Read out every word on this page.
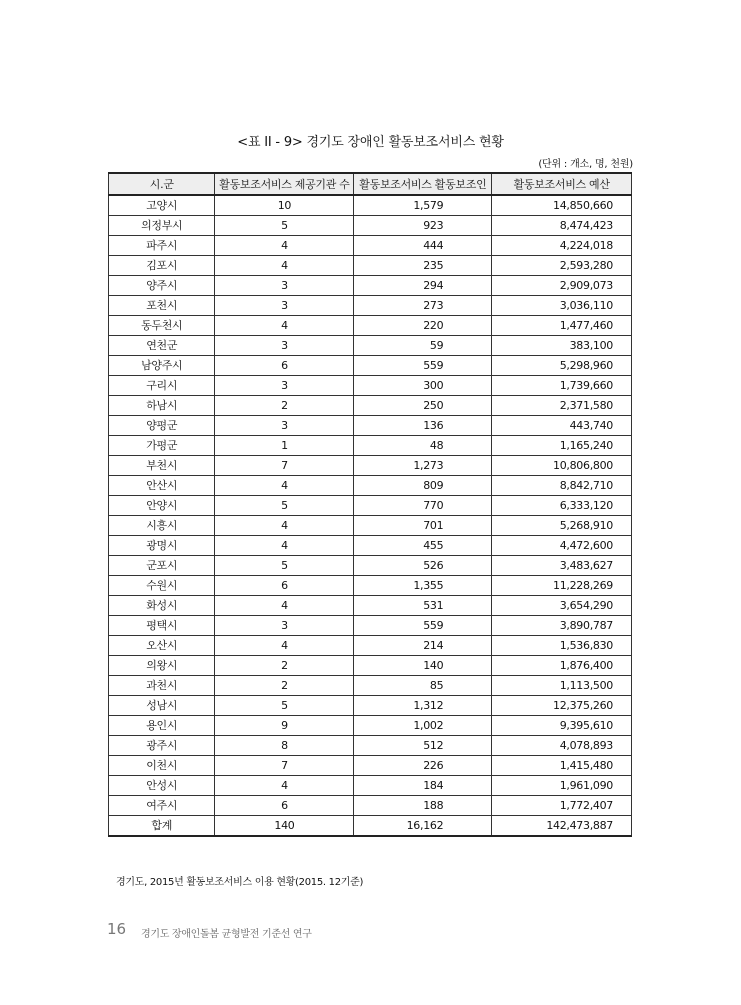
<표 II - 9> 경기도 장애인 활동보조서비스 현황
(단위 : 개소, 명, 천원)
시.군	활동보조서비스 제공기관 수	활동보조서비스 활동보조인	활동보조서비스 예산
고양시	10	1,579	14,850,660
의정부시	5	923	8,474,423
파주시	4	444	4,224,018
김포시	4	235	2,593,280
양주시	3	294	2,909,073
포천시	3	273	3,036,110
동두천시	4	220	1,477,460
연천군	3	59	383,100
남양주시	6	559	5,298,960
구리시	3	300	1,739,660
하남시	2	250	2,371,580
양평군	3	136	443,740
가평군	1	48	1,165,240
부천시	7	1,273	10,806,800
안산시	4	809	8,842,710
안양시	5	770	6,333,120
시흥시	4	701	5,268,910
광명시	4	455	4,472,600
군포시	5	526	3,483,627
수원시	6	1,355	11,228,269
화성시	4	531	3,654,290
평택시	3	559	3,890,787
오산시	4	214	1,536,830
의왕시	2	140	1,876,400
과천시	2	85	1,113,500
성남시	5	1,312	12,375,260
용인시	9	1,002	9,395,610
광주시	8	512	4,078,893
이천시	7	226	1,415,480
안성시	4	184	1,961,090
여주시	6	188	1,772,407
합계	140	16,162	142,473,887
경기도, 2015년 활동보조서비스 이용 현황(2015. 12기준)
16 경기도 장애인돌봄 균형발전 기준선 연구
